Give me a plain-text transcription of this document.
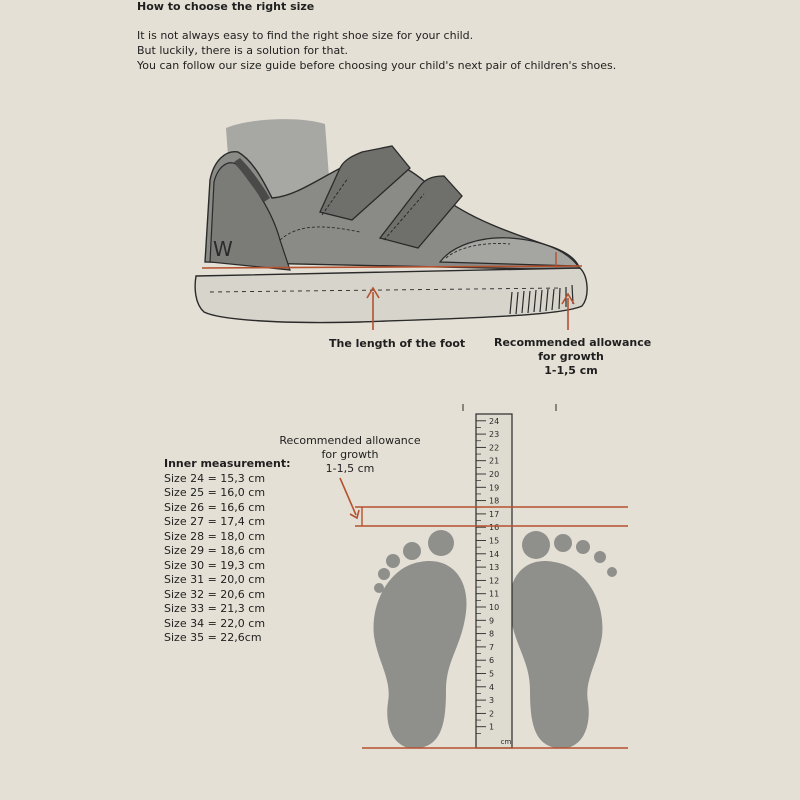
How to choose the right size
It is not always easy to find the right shoe size for your child.
But luckily, there is a solution for that.
You can follow our size guide before choosing your child's next pair of children's shoes.
W
1
2
3
4
5
6
7
8
9
10
11
12
13
14
15
16
17
18
19
20
21
22
23
24
cm
The length of the foot	Recommended allowance
for growth
1-1,5 cm
Recommended allowance
for growth
1-1,5 cm
Inner measurement:
Size 24 = 15,3 cm
Size 25 = 16,0 cm
Size 26 = 16,6 cm
Size 27 = 17,4 cm
Size 28 = 18,0 cm
Size 29 = 18,6 cm
Size 30 = 19,3 cm
Size 31 = 20,0 cm
Size 32 = 20,6 cm
Size 33 = 21,3 cm
Size 34 = 22,0 cm
Size 35 = 22,6cm
